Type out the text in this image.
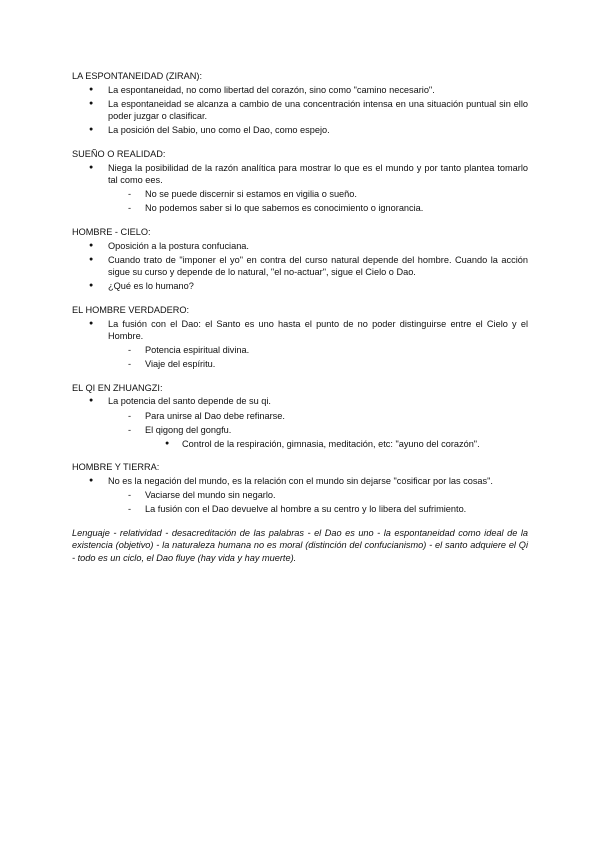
LA ESPONTANEIDAD (ZIRAN):
● La espontaneidad, no como libertad del corazón, sino como "camino necesario".
● La espontaneidad se alcanza a cambio de una concentración intensa en una situación puntual sin ello poder juzgar o clasificar.
● La posición del Sabio, uno como el Dao, como espejo.
SUEÑO O REALIDAD:
● Niega la posibilidad de la razón analítica para mostrar lo que es el mundo y por tanto plantea tomarlo tal como ees.
- No se puede discernir si estamos en vigilia o sueño.
- No podemos saber si lo que sabemos es conocimiento o ignorancia.
HOMBRE - CIELO:
● Oposición a la postura confuciana.
● Cuando trato de "imponer el yo" en contra del curso natural depende del hombre. Cuando la acción sigue su curso y depende de lo natural, "el no-actuar", sigue el Cielo o Dao.
● ¿Qué es lo humano?
EL HOMBRE VERDADERO:
● La fusión con el Dao: el Santo es uno hasta el punto de no poder distinguirse entre el Cielo y el Hombre.
- Potencia espiritual divina.
- Viaje del espíritu.
EL QI EN ZHUANGZI:
● La potencia del santo depende de su qi.
- Para unirse al Dao debe refinarse.
- El qigong del gongfu.
● Control de la respiración, gimnasia, meditación, etc: "ayuno del corazón".
HOMBRE Y TIERRA:
● No es la negación del mundo, es la relación con el mundo sin dejarse "cosificar por las cosas".
- Vaciarse del mundo sin negarlo.
- La fusión con el Dao devuelve al hombre a su centro y lo libera del sufrimiento.

Lenguaje - relatividad - desacreditación de las palabras - el Dao es uno - la espontaneidad como ideal de la existencia (objetivo) - la naturaleza humana no es moral (distinción del confucianismo) - el santo adquiere el Qi - todo es un ciclo, el Dao fluye (hay vida y hay muerte).
